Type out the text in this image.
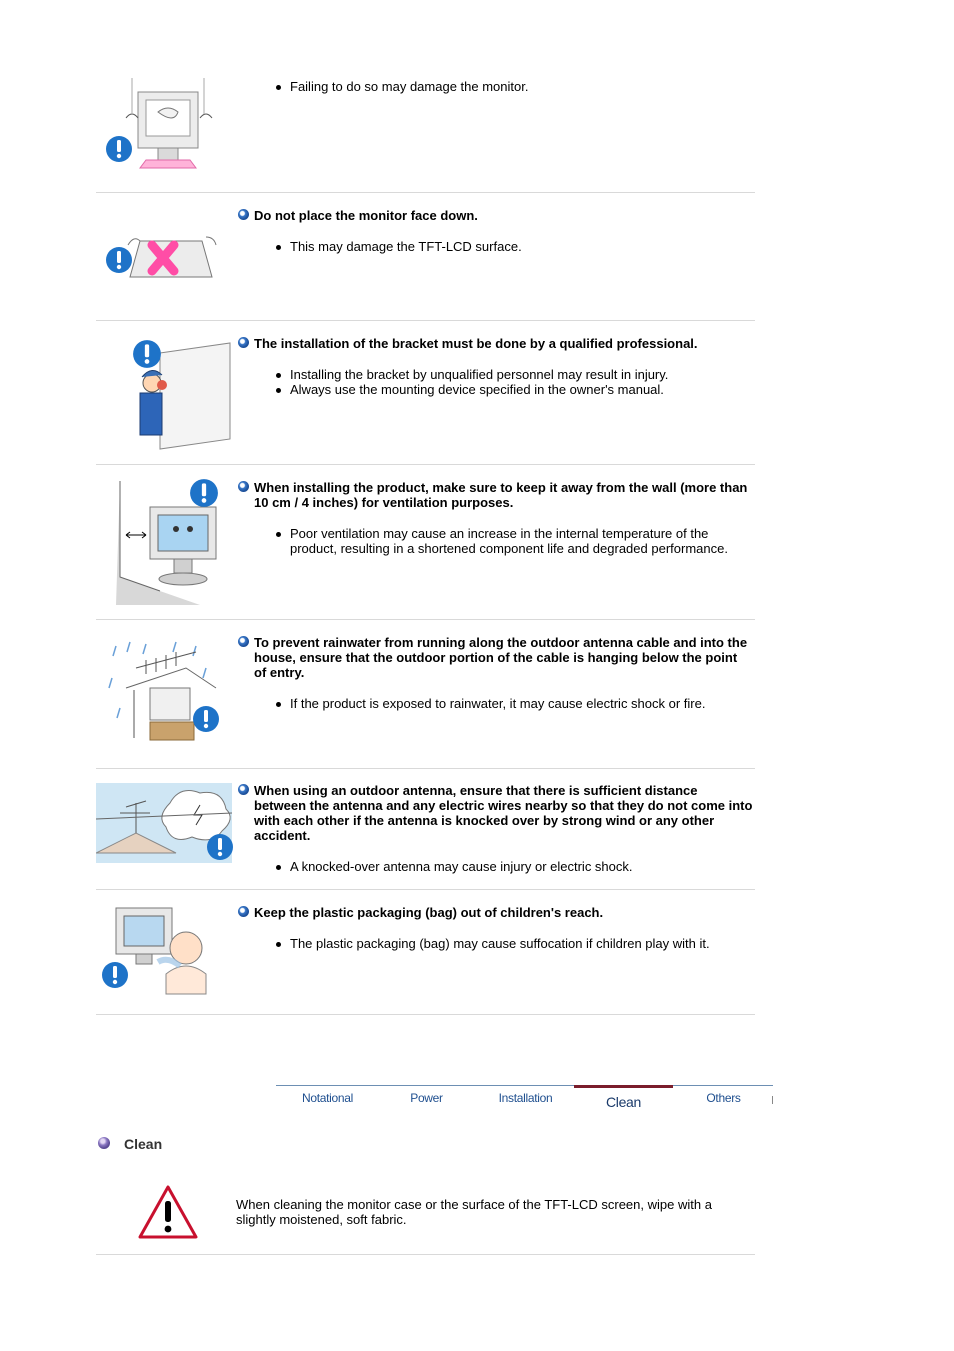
Failing to do so may damage the monitor.
Do not place the monitor face down.
This may damage the TFT-LCD surface.
The installation of the bracket must be done by a qualified professional.
Installing the bracket by unqualified personnel may result in injury.
Always use the mounting device specified in the owner's manual.
When installing the product, make sure to keep it away from the wall (more than 10 cm / 4 inches) for ventilation purposes.
Poor ventilation may cause an increase in the internal temperature of the product, resulting in a shortened component life and degraded performance.
To prevent rainwater from running along the outdoor antenna cable and into the house, ensure that the outdoor portion of the cable is hanging below the point of entry.
If the product is exposed to rainwater, it may cause electric shock or fire.
When using an outdoor antenna, ensure that there is sufficient distance between the antenna and any electric wires nearby so that they do not come into with each other if the antenna is knocked over by strong wind or any other accident.
A knocked-over antenna may cause injury or electric shock.
Keep the plastic packaging (bag) out of children's reach.
The plastic packaging (bag) may cause suffocation if children play with it.
Notational	Power	Installation	Clean	Others
Clean
When cleaning the monitor case or the surface of the TFT-LCD screen, wipe with a slightly moistened, soft fabric.
